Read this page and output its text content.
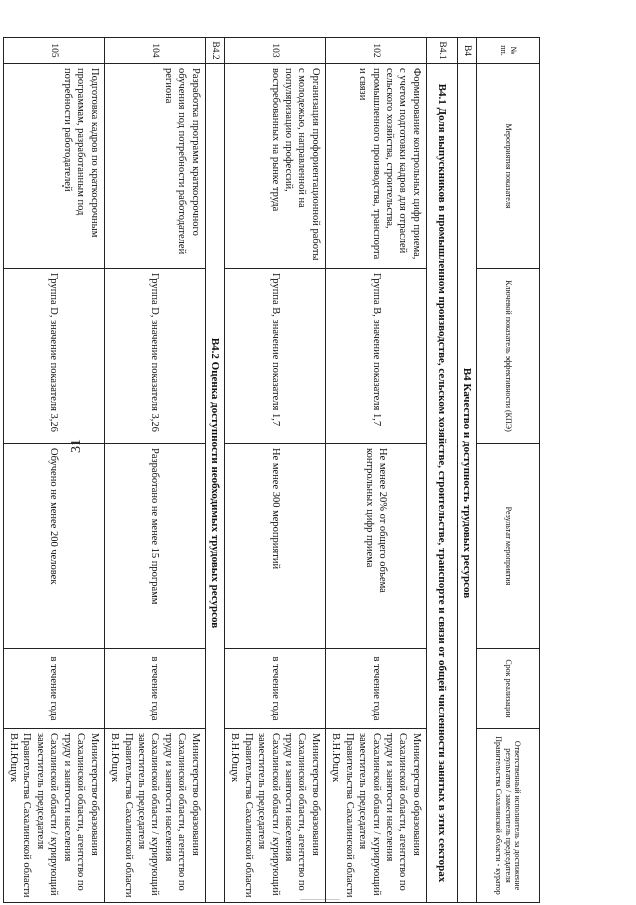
31
№ пп.	Мероприятия показателя	Ключевой показатель эффективности (КПЭ)	Результат мероприятия	Срок реализации	Ответственный исполнитель за достижение результатов / заместитель председателя Правительства Сахалинской области - куратор
В4	В4 Качество и доступность трудовых ресурсов				
В4.1	В4.1 Доля выпускников в промышленном производстве, сельском хозяйстве, строительстве, транспорте и связи от общей численности занятых в этих секторах				
102	Формирование контрольных цифр приема, с учетом подготовки кадров для отраслей сельского хозяйства, строительства, промышленного производства, транспорта и связи	Группа В, значение показателя 1,7	Не менее 20% от общего объема контрольных цифр приема	в течение года	Министерство образования Сахалинской области, агентство по труду и занятости населения Сахалинской области / курирующий заместитель председателя Правительства Сахалинской области В.Н.Ющук
103	Организация профориентационной работы с молодежью, направленной на популяризацию профессий, востребованных на рынке труда	Группа В, значение показателя 1,7	Не менее 300 мероприятий	в течение года	Министерство образования Сахалинской области, агентство по труду и занятости населения Сахалинской области / курирующий заместитель председателя Правительства Сахалинской области В.Н.Ющук
В4.2	В4.2 Оценка доступности необходимых трудовых ресурсов				
104	Разработка программ краткосрочного обучения под потребности работодателей региона	Группа D, значение показателя 3,26	Разработано не менее 15 программ	в течение года	Министерство образования Сахалинской области, агентство по труду и занятости населения Сахалинской области / курирующий заместитель председателя Правительства Сахалинской области В.Н.Ющук
105	Подготовка кадров по краткосрочным программам, разработанным под потребности работодателей	Группа D, значение показателя 3,26	Обучено не менее 200 человек	в течение года	Министерство образования Сахалинской области, агентство по труду и занятости населения Сахалинской области / курирующий заместитель председателя Правительства Сахалинской области В.Н.Ющук
